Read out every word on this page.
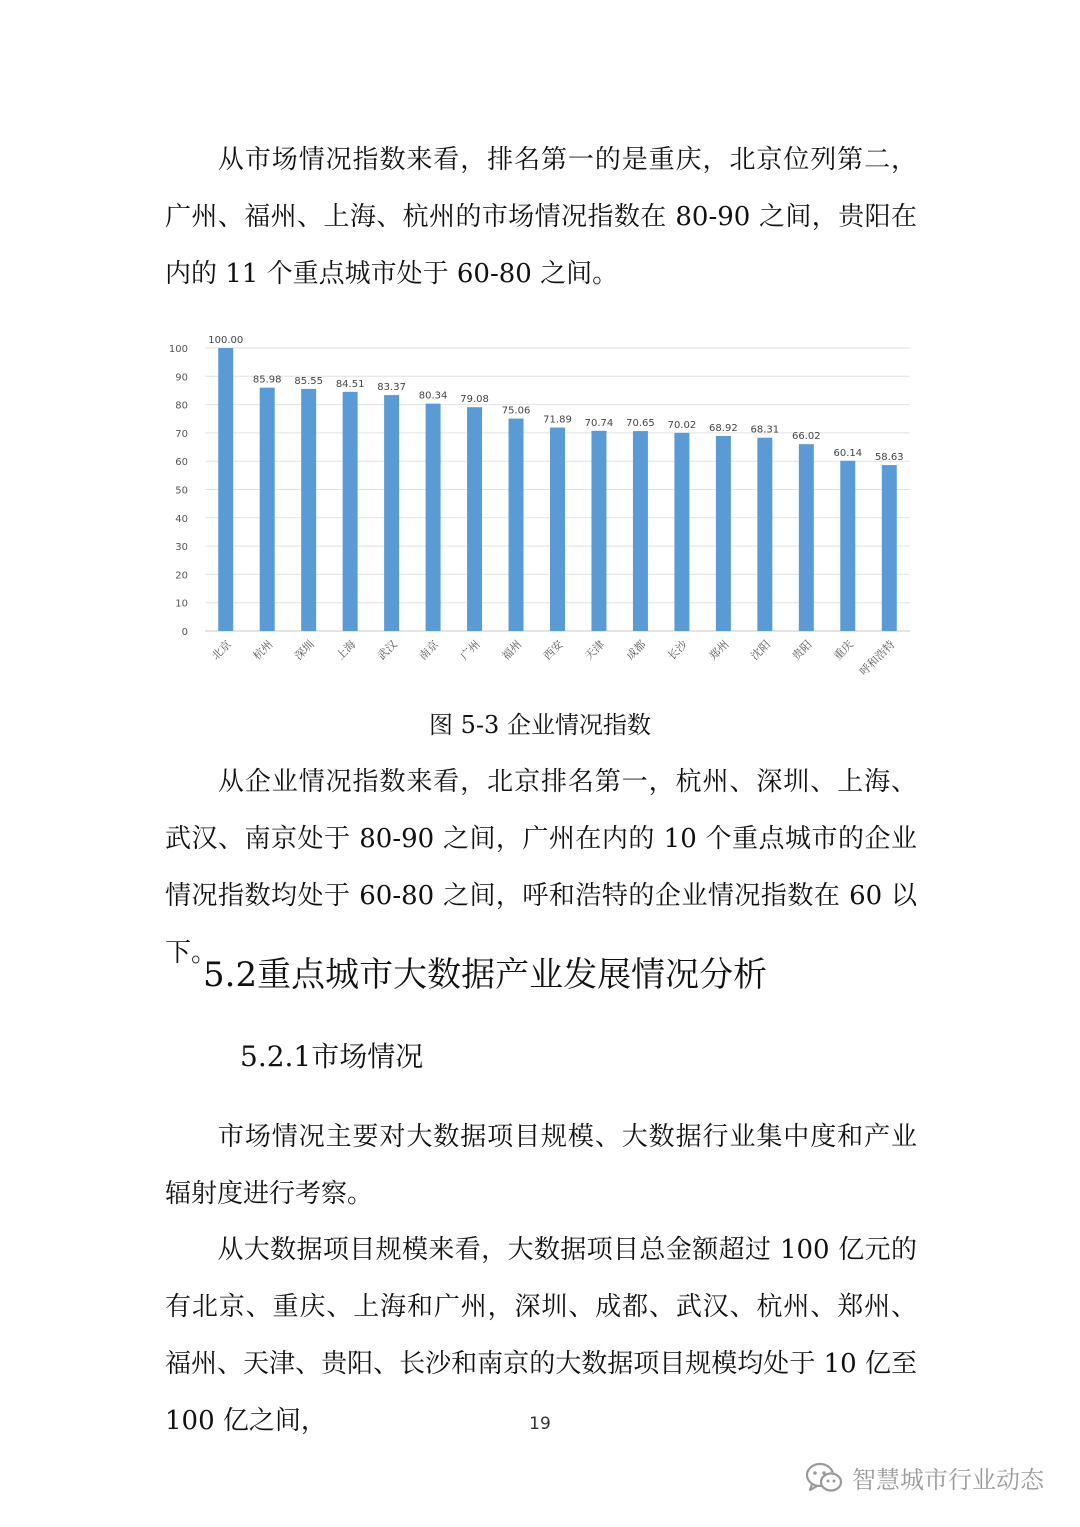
从市场情况指数来看，排名第一的是重庆，北京位列第二，广州、福州、上海、杭州的市场情况指数在 80-90 之间，贵阳在内的 11 个重点城市处于 60-80 之间。

0
10
20
30
40
50
60
70
80
90
100
100.00
85.98 85.55 84.51 83.37
80.34 79.08
75.06
71.89 70.74 70.65 70.02 68.92 68.31
66.02
60.14 58.63
北京 杭州 深圳 上海 武汉 南京 广州 福州 西安 天津 成都 长沙 郑州 沈阳 贵阳 重庆 呼和浩特
图 5-3 企业情况指数

从企业情况指数来看，北京排名第一，杭州、深圳、上海、武汉、南京处于 80-90 之间，广州在内的 10 个重点城市的企业情况指数均处于 60-80 之间，呼和浩特的企业情况指数在 60 以下。

5.2重点城市大数据产业发展情况分析
5.2.1市场情况

市场情况主要对大数据项目规模、大数据行业集中度和产业辐射度进行考察。

从大数据项目规模来看，大数据项目总金额超过 100 亿元的有北京、重庆、上海和广州，深圳、成都、武汉、杭州、郑州、福州、天津、贵阳、长沙和南京的大数据项目规模均处于 10 亿至 100 亿之间，	19
智慧城市行业动态
